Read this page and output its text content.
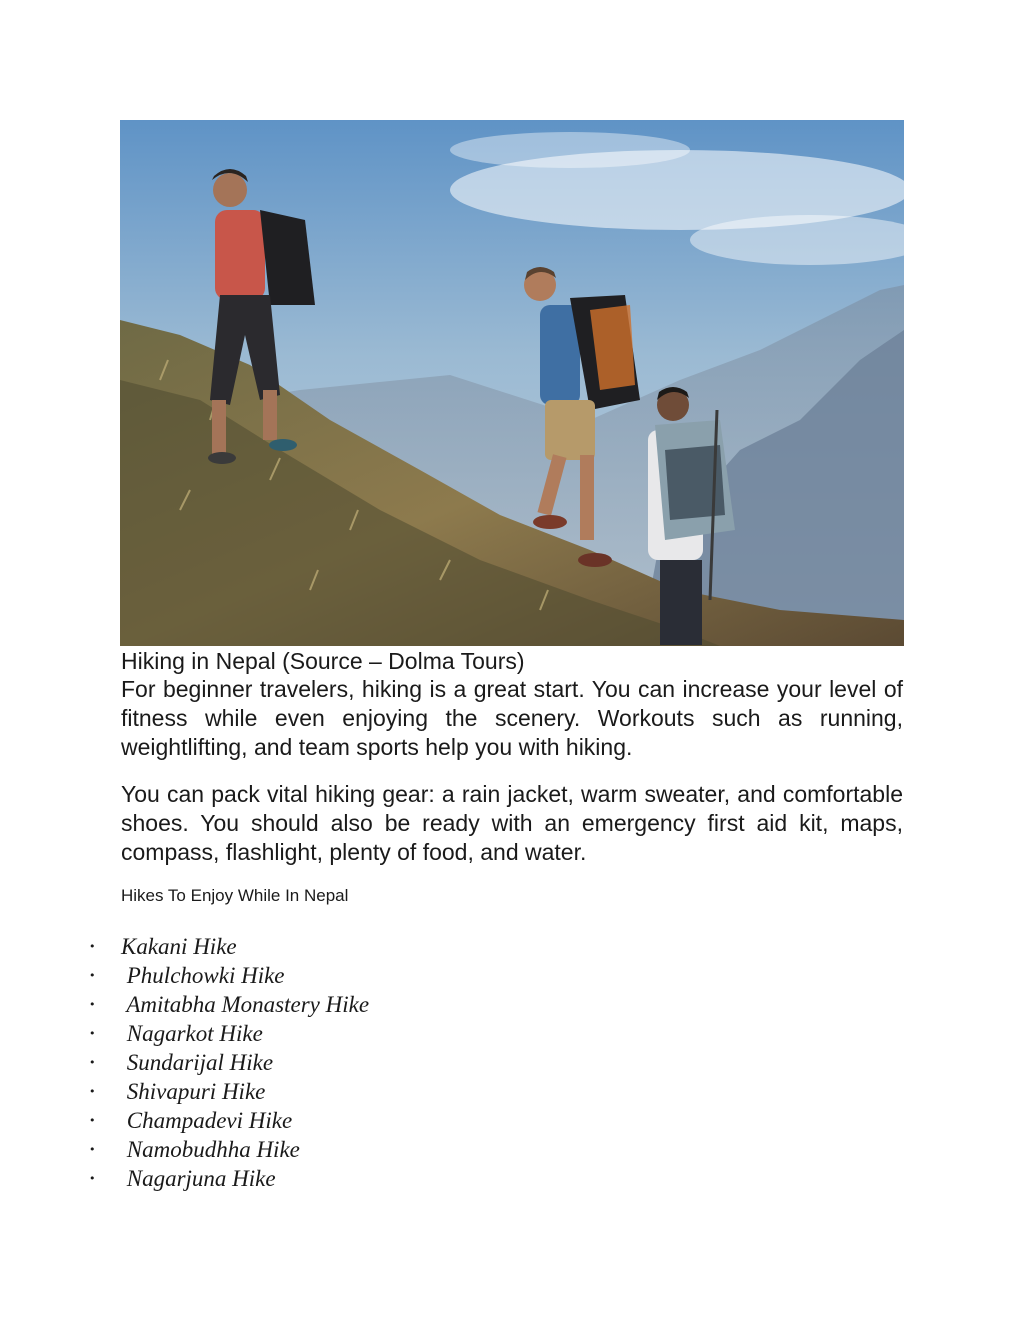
Hiking in Nepal (Source – Dolma Tours)

For beginner travelers, hiking is a great start. You can increase your level of fitness while even enjoying the scenery. Workouts such as running, weightlifting, and team sports help you with hiking.

You can pack vital hiking gear: a rain jacket, warm sweater, and comfortable shoes. You should also be ready with an emergency first aid kit, maps, compass, flashlight, plenty of food, and water.

Hikes To Enjoy While In Nepal

•	Kakani Hike
•	Phulchowki Hike
•	Amitabha Monastery Hike
•	Nagarkot Hike
•	Sundarijal Hike
•	Shivapuri Hike
•	Champadevi Hike
•	Namobudhha Hike
•	Nagarjuna Hike
